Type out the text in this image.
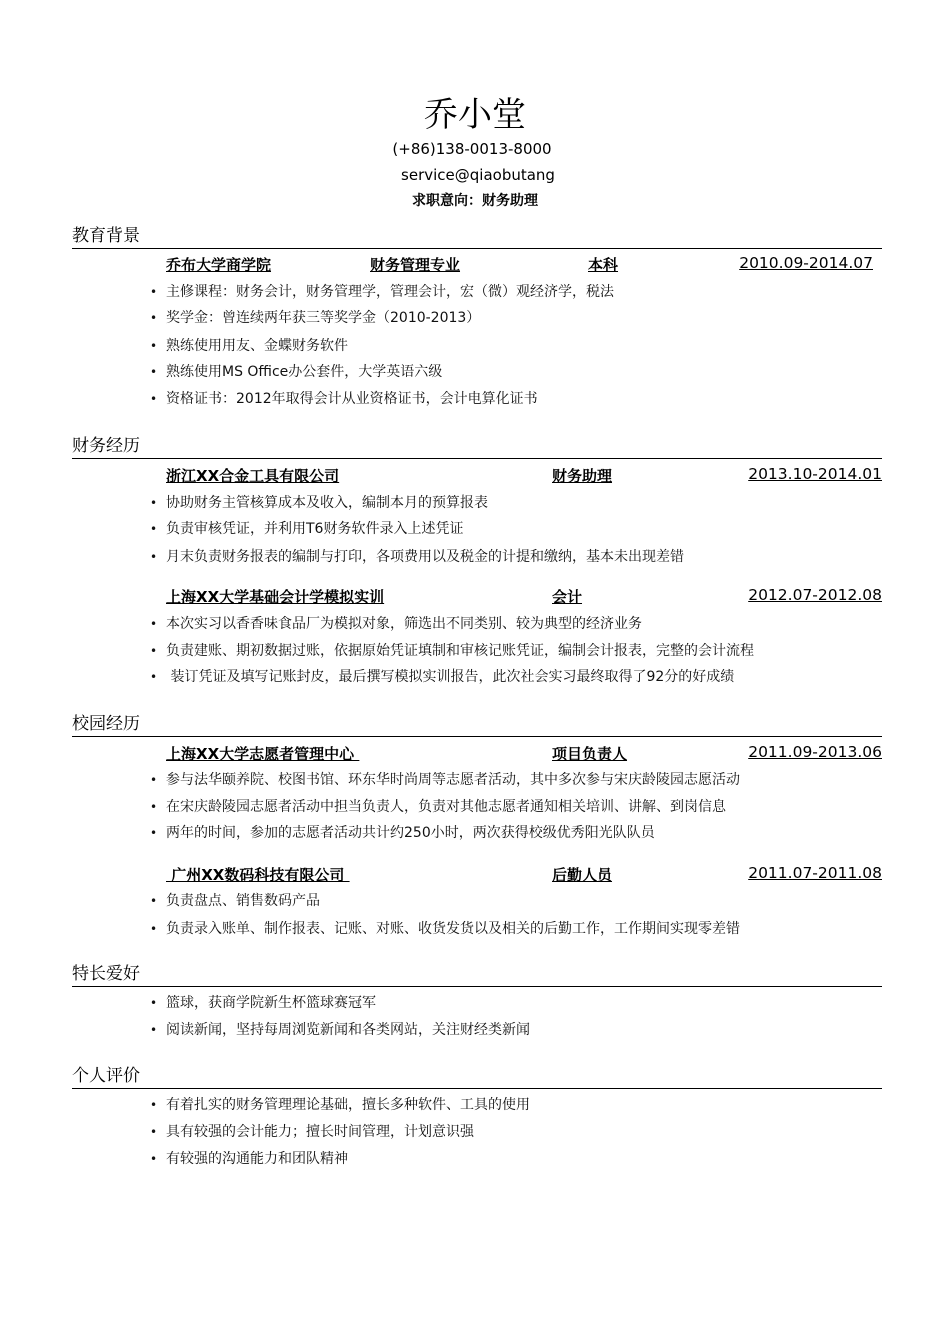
乔小堂
(+86)138-0013-8000
service@qiaobutang
求职意向：财务助理
教育背景
乔布大学商学院	财务管理专业	本科	2010.09-2014.07
• 主修课程：财务会计，财务管理学，管理会计，宏（微）观经济学，税法
• 奖学金：曾连续两年获三等奖学金（2010-2013）
• 熟练使用用友、金蝶财务软件
• 熟练使用MS Office办公套件，大学英语六级
• 资格证书：2012年取得会计从业资格证书，会计电算化证书
财务经历
浙江XX合金工具有限公司	财务助理	2013.10-2014.01
• 协助财务主管核算成本及收入，编制本月的预算报表
• 负责审核凭证，并利用T6财务软件录入上述凭证
• 月末负责财务报表的编制与打印，各项费用以及税金的计提和缴纳，基本未出现差错
上海XX大学基础会计学模拟实训	会计	2012.07-2012.08
• 本次实习以香香味食品厂为模拟对象，筛选出不同类别、较为典型的经济业务
• 负责建账、期初数据过账，依据原始凭证填制和审核记账凭证，编制会计报表，完整的会计流程
• 装订凭证及填写记账封皮，最后撰写模拟实训报告，此次社会实习最终取得了92分的好成绩
校园经历
上海XX大学志愿者管理中心	项目负责人	2011.09-2013.06
• 参与法华颐养院、校图书馆、环东华时尚周等志愿者活动，其中多次参与宋庆龄陵园志愿活动
• 在宋庆龄陵园志愿者活动中担当负责人，负责对其他志愿者通知相关培训、讲解、到岗信息
• 两年的时间，参加的志愿者活动共计约250小时，两次获得校级优秀阳光队队员
广州XX数码科技有限公司	后勤人员	2011.07-2011.08
• 负责盘点、销售数码产品
• 负责录入账单、制作报表、记账、对账、收货发货以及相关的后勤工作，工作期间实现零差错
特长爱好
• 篮球，获商学院新生杯篮球赛冠军
• 阅读新闻，坚持每周浏览新闻和各类网站，关注财经类新闻
个人评价
• 有着扎实的财务管理理论基础，擅长多种软件、工具的使用
• 具有较强的会计能力；擅长时间管理，计划意识强
• 有较强的沟通能力和团队精神
